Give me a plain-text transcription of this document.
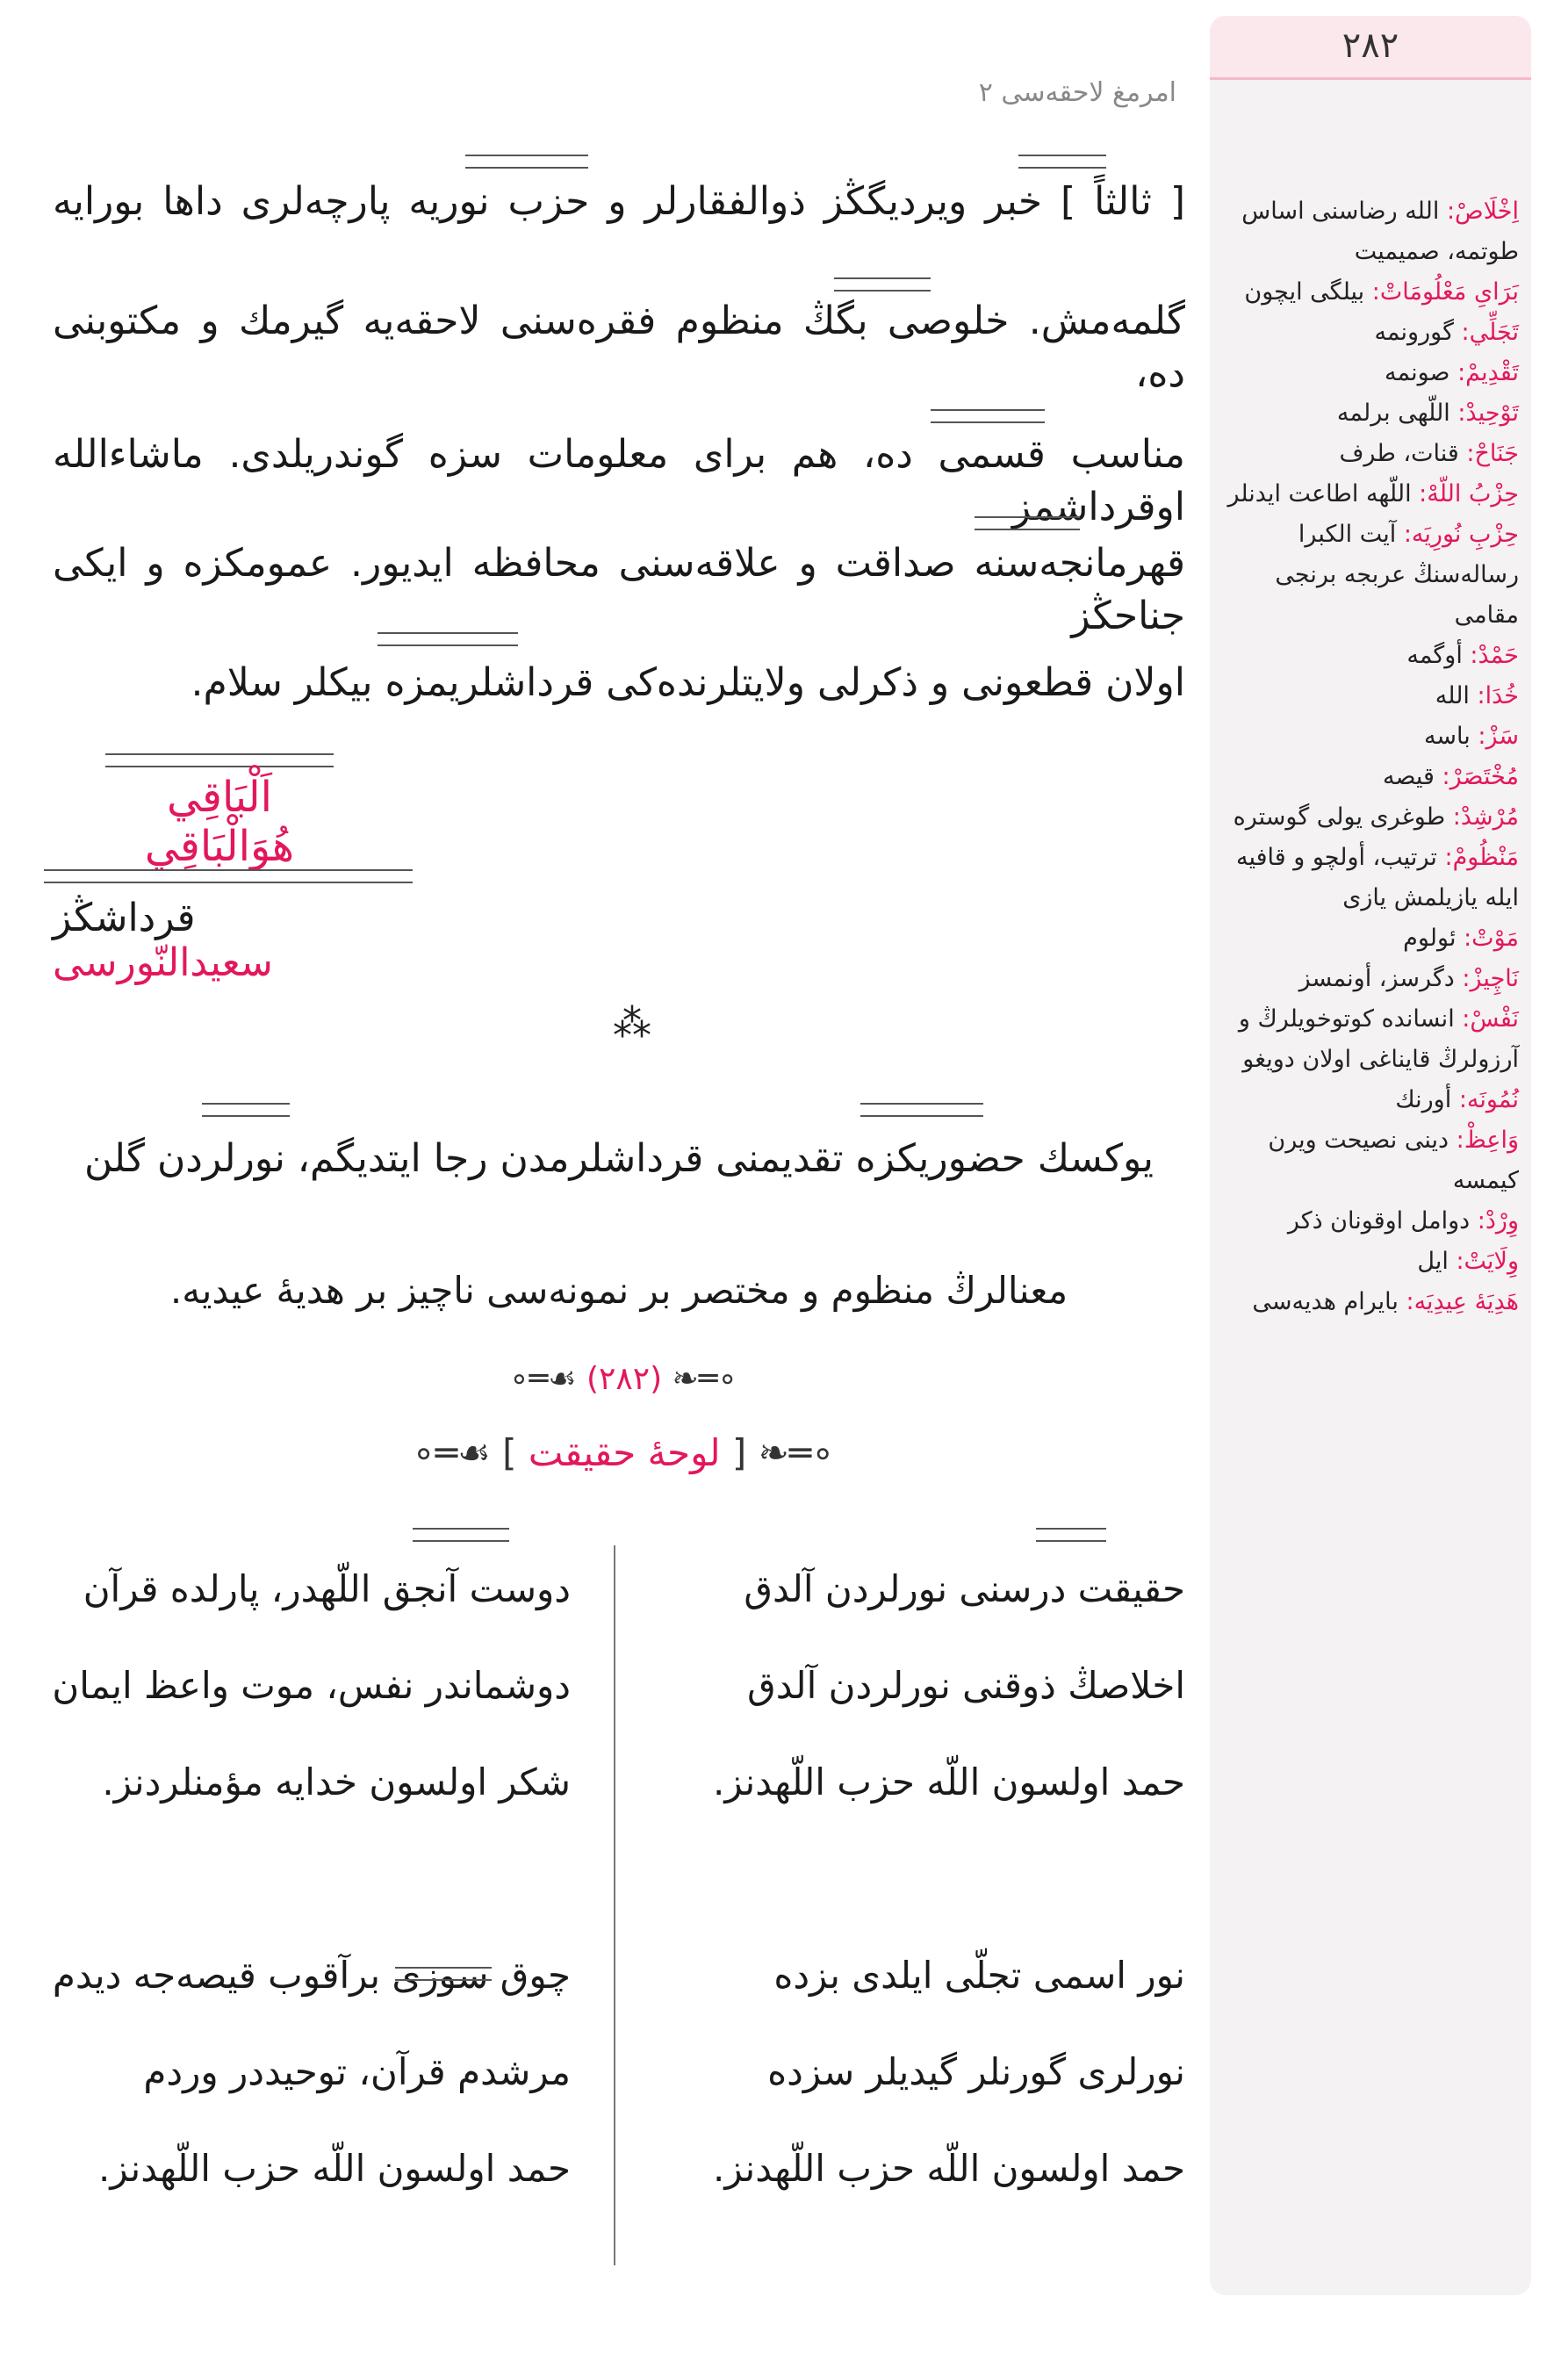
٢٨٢
اِخْلَاصْ: الله رضاسنی اساس طوتمه، صمیمیت
بَرَاىِ مَعْلُومَاتْ: بیلگی ایچون
تَجَلِّي: گورونمه
تَقْدِيمْ: صونمه
تَوْحِيدْ: اللّهی برلمه
جَنَاحْ: قنات، طرف
حِزْبُ اللّهْ: اللّهه اطاعت ایدنلر
حِزْبِ نُورِيَه: آیت الكبرا رساله‌سنڭ عربجه برنجی مقامی
حَمْدْ: أوگمه
خُدَا: الله
سَزْ: باسه
مُخْتَصَرْ: قیصه
مُرْشِدْ: طوغری یولی گوستره
مَنْظُومْ: ترتیب، أولچو و قافیه ایله یازیلمش یازی
مَوْتْ: ئولوم
نَاچِيزْ: دگرسز، أونمسز
نَفْسْ: انسانده كوتوخویلرڭ و آرزولرڭ قایناغی اولان دویغو
نُمُونَه: أورنك
وَاعِظْ: دینی نصیحت ویرن كیمسه
وِرْدْ: دوامل اوقونان ذكر
وِلَايَتْ: ایل
هَدِيَۀ عِيدِيَه: بایرام هدیه‌سی
امرمغ لاحقه‌سی ٢
[ ثالثاً ] خبر ویردیگڭز ذوالفقارلر و حزب نوریه پارچه‌لری داها بورایه
گلمه‌مش. خلوصی بگڭ منظوم فقره‌سنی لاحقه‌یه گیرمك و مكتوبنی ده،
مناسب قسمی ده، هم برای معلومات سزه گوندریلدی. ماشاءالله اوقرداشمز
قهرمانجه‌سنه صداقت و علاقه‌سنی محافظه ایدیور. عمومكزه و ایكی جناحڭز
اولان قطعونی و ذكرلی ولایتلرنده‌كی قرداشلریمزه بیكلر سلام.
اَلْبَاقِي هُوَالْبَاقِي
قرداشڭز سعيدالنّورسى
⁂
یوكسك حضوریكزه تقدیمنی قرداشلرمدن رجا ایتدیگم، نورلردن گلن
معنالرڭ منظوم و مختصر بر نمونه‌سی ناچیز بر هدیهٔ عیدیه.
∘═❧ (٢٨٢) ☙═∘
∘═❧ [ لوحهٔ حقيقت ] ☙═∘
حقیقت درسنی نورلردن آلدق
اخلاصڭ ذوقنی نورلردن آلدق
حمد اولسون اللّه حزب اللّهدنز.
نور اسمی تجلّی ایلدی بزده
نورلری گورنلر گیدیلر سزده
حمد اولسون اللّه حزب اللّهدنز.
دوست آنجق اللّهدر، پارلده قرآن
دوشماندر نفس، موت واعظ ایمان
شكر اولسون خدایه مؤمنلردنز.
چوق سوزی برآقوب قیصه‌جه دیدم
مرشدم قرآن، توحیددر وردم
حمد اولسون اللّه حزب اللّهدنز.
